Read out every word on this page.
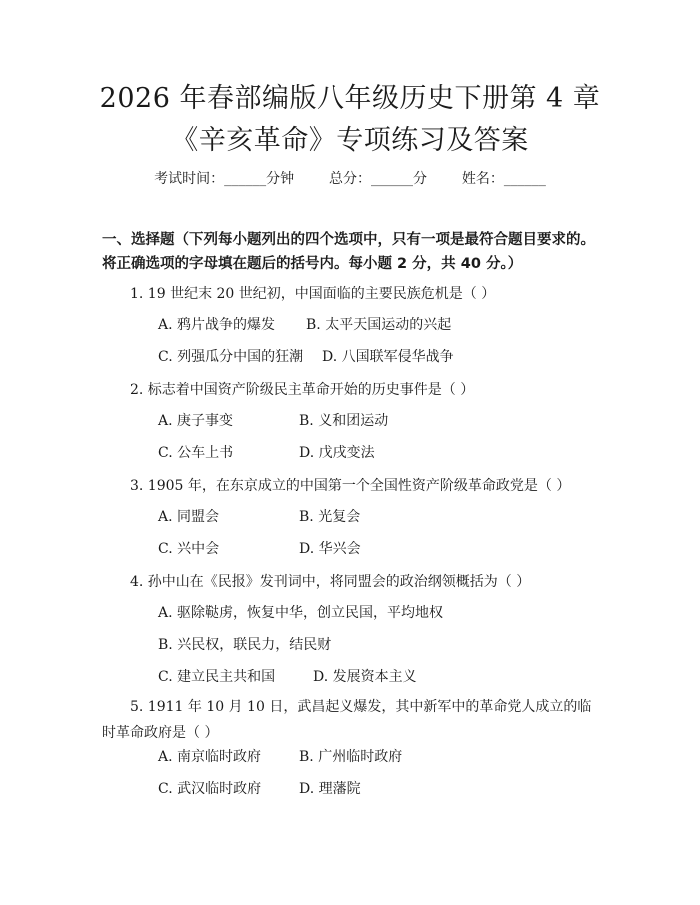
2026 年春部编版八年级历史下册第 4 章《辛亥革命》专项练习及答案
考试时间：______分钟 总分：______分 姓名：______
一、选择题（下列每小题列出的四个选项中，只有一项是最符合题目要求的。将正确选项的字母填在题后的括号内。每小题 2 分，共 40 分。）
1. 19 世纪末 20 世纪初，中国面临的主要民族危机是（ ）
A. 鸦片战争的爆发 B. 太平天国运动的兴起
C. 列强瓜分中国的狂潮 D. 八国联军侵华战争
2. 标志着中国资产阶级民主革命开始的历史事件是（ ）
A. 庚子事变	B. 义和团运动
C. 公车上书	D. 戊戌变法
3. 1905 年，在东京成立的中国第一个全国性资产阶级革命政党是（ ）
A. 同盟会	B. 光复会
C. 兴中会	D. 华兴会
4. 孙中山在《民报》发刊词中，将同盟会的政治纲领概括为（ ）
A. 驱除鞑虏，恢复中华，创立民国，平均地权
B. 兴民权，联民力，结民财
C. 建立民主共和国	D. 发展资本主义
5. 1911 年 10 月 10 日，武昌起义爆发，其中新军中的革命党人成立的临时革命政府是（ ）
A. 南京临时政府	B. 广州临时政府
C. 武汉临时政府	D. 理藩院
